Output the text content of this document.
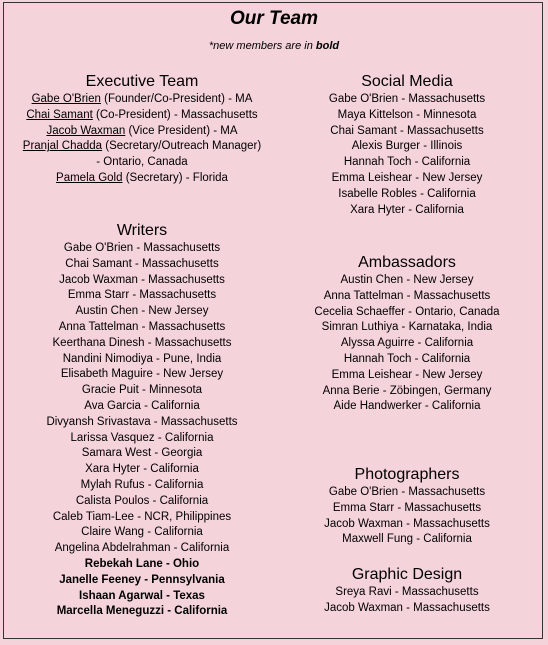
Our Team
*new members are in bold
Executive Team
Gabe O'Brien (Founder/Co-President) - MA
Chai Samant (Co-President) - Massachusetts
Jacob Waxman (Vice President) - MA
Pranjal Chadda (Secretary/Outreach Manager)
- Ontario, Canada
Pamela Gold (Secretary) - Florida
Writers
Gabe O'Brien - Massachusetts
Chai Samant - Massachusetts
Jacob Waxman - Massachusetts
Emma Starr - Massachusetts
Austin Chen - New Jersey
Anna Tattelman - Massachusetts
Keerthana Dinesh - Massachusetts
Nandini Nimodiya - Pune, India
Elisabeth Maguire - New Jersey
Gracie Puit - Minnesota
Ava Garcia - California
Divyansh Srivastava - Massachusetts
Larissa Vasquez - California
Samara West - Georgia
Xara Hyter - California
Mylah Rufus - California
Calista Poulos - California
Caleb Tiam-Lee - NCR, Philippines
Claire Wang - California
Angelina Abdelrahman - California
Rebekah Lane - Ohio
Janelle Feeney - Pennsylvania
Ishaan Agarwal - Texas
Marcella Meneguzzi - California
Social Media
Gabe O'Brien - Massachusetts
Maya Kittelson - Minnesota
Chai Samant - Massachusetts
Alexis Burger - Illinois
Hannah Toch - California
Emma Leishear - New Jersey
Isabelle Robles - California
Xara Hyter - California
Ambassadors
Austin Chen - New Jersey
Anna Tattelman - Massachusetts
Cecelia Schaeffer - Ontario, Canada
Simran Luthiya - Karnataka, India
Alyssa Aguirre - California
Hannah Toch - California
Emma Leishear - New Jersey
Anna Berie - Zöbingen, Germany
Aide Handwerker - California
Photographers
Gabe O'Brien - Massachusetts
Emma Starr - Massachusetts
Jacob Waxman - Massachusetts
Maxwell Fung - California
Graphic Design
Sreya Ravi - Massachusetts
Jacob Waxman - Massachusetts
